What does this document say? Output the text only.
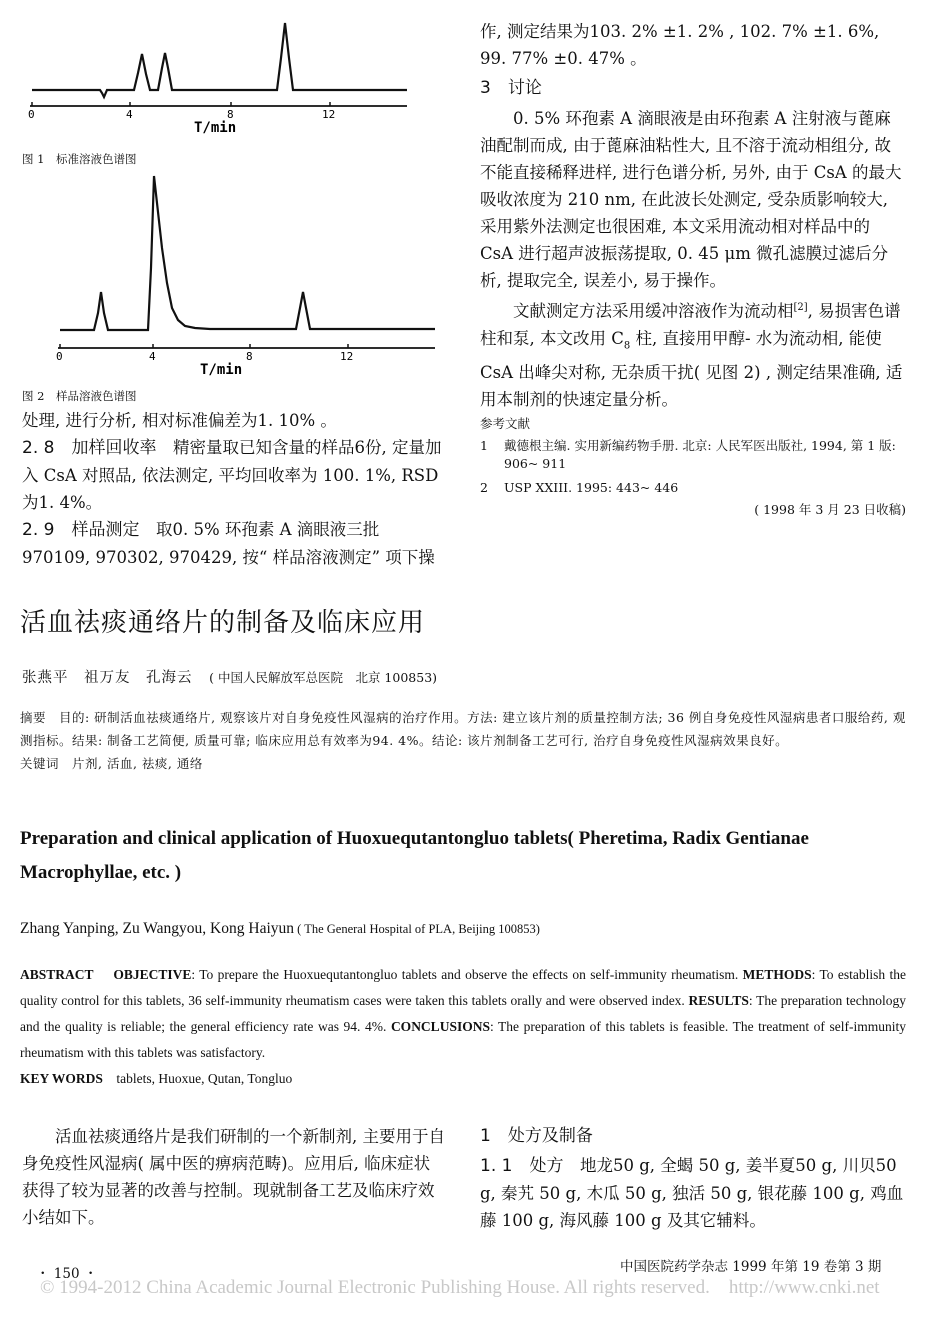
0	4	8	12
T/min
图 1　标准溶液色谱图
0	4	8	12
T/min
图 2　样品溶液色谱图

处理, 进行分析, 相对标准偏差为1. 10% 。

2. 8　加样回收率　精密量取已知含量的样品6份, 定量加入 CsA 对照品, 依法测定, 平均回收率为 100. 1%, RSD 为1. 4%。

2. 9　样品测定　取0. 5% 环孢素 A 滴眼液三批 970109, 970302, 970429, 按“ 样品溶液测定” 项下操

作, 测定结果为103. 2% ±1. 2% , 102. 7% ±1. 6%, 99. 77% ±0. 47% 。

3　讨论

0. 5% 环孢素 A 滴眼液是由环孢素 A 注射液与蓖麻油配制而成, 由于蓖麻油粘性大, 且不溶于流动相组分, 故不能直接稀释进样, 进行色谱分析, 另外, 由于 CsA 的最大吸收浓度为 210 nm, 在此波长处测定, 受杂质影响较大, 采用紫外法测定也很困难, 本文采用流动相对样品中的 CsA 进行超声波振荡提取, 0. 45 μm 微孔滤膜过滤后分析, 提取完全, 误差小, 易于操作。

文献测定方法采用缓冲溶液作为流动相[2], 易损害色谱柱和泵, 本文改用 $C_8$ 柱, 直接用甲醇- 水为流动相, 能使 CsA 出峰尖对称, 无杂质干扰( 见图 2) , 测定结果准确, 适用本制剂的快速定量分析。

参考文献
1	戴德根主编. 实用新编药物手册. 北京: 人民军医出版社, 1994, 第 1 版: 906~ 911
2	USP XXIII. 1995: 443~ 446
( 1998 年 3 月 23 日收稿)
活血祛痰通络片的制备及临床应用
张燕平　祖万友　孔海云 ( 中国人民解放军总医院　北京 100853)

摘要　目的: 研制活血祛痰通络片, 观察该片对自身免疫性风湿病的治疗作用。方法: 建立该片剂的质量控制方法; 36 例自身免疫性风湿病患者口服给药, 观测指标。结果: 制备工艺简便, 质量可靠; 临床应用总有效率为94. 4%。结论: 该片剂制备工艺可行, 治疗自身免疫性风湿病效果良好。

关键词　片剂, 活血, 祛痰, 通络

Preparation and clinical application of Huoxuequtantongluo tablets( Pheretima, Radix Gentianae Macrophyllae, etc. )
Zhang Yanping, Zu Wangyou, Kong Haiyun ( The General Hospital of PLA, Beijing 100853)

ABSTRACT　 OBJECTIVE: To prepare the Huoxuequtantongluo tablets and observe the effects on self-immunity rheumatism. METHODS: To establish the quality control for this tablets, 36 self-immunity rheumatism cases were taken this tablets orally and were observed index. RESULTS: The preparation technology and the quality is reliable; the general efficiency rate was 94. 4%. CONCLUSIONS: The preparation of this tablets is feasible. The treatment of self-immunity rheumatism with this tablets was satisfactory.

KEY WORDS　tablets, Huoxue, Qutan, Tongluo

活血祛痰通络片是我们研制的一个新制剂, 主要用于自身免疫性风湿病( 属中医的痹病范畴)。应用后, 临床症状获得了较为显著的改善与控制。现就制备工艺及临床疗效小结如下。

1　处方及制备

1. 1　处方　地龙50 g, 全蝎 50 g, 姜半夏50 g, 川贝50 g, 秦艽 50 g, 木瓜 50 g, 独活 50 g, 银花藤 100 g, 鸡血藤 100 g, 海风藤 100 g 及其它辅料。

・ 150 ・	中国医院药学杂志 1999 年第 19 卷第 3 期
© 1994-2012 China Academic Journal Electronic Publishing House. All rights reserved.　http://www.cnki.net
